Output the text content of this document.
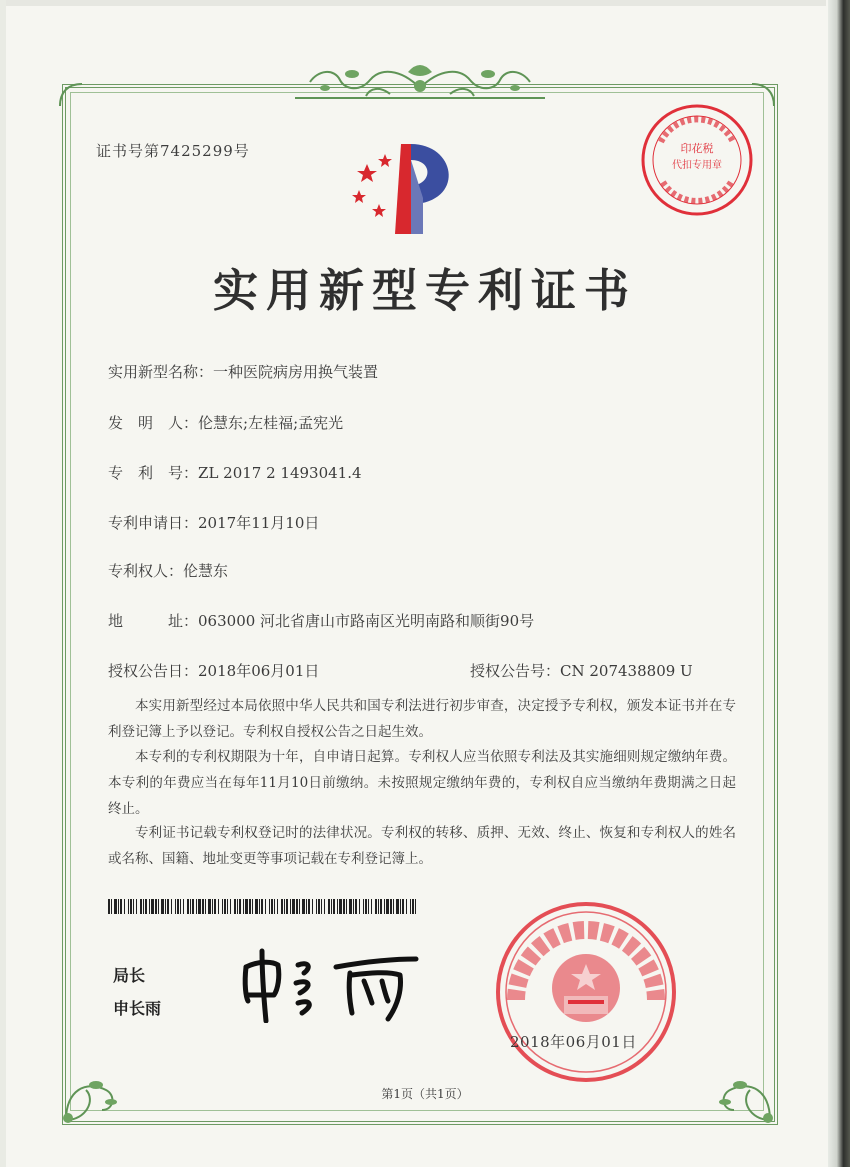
证书号第7425299号	印花税
代扣专用章
实用新型专利证书
实用新型名称：一种医院病房用换气装置
发　明　人：伦慧东;左桂福;孟宪光
专　利　号：ZL 2017 2 1493041.4
专利申请日：2017年11月10日
专利权人：伦慧东
地　　　址：063000 河北省唐山市路南区光明南路和顺街90号
授权公告日：2018年06月01日	授权公告号：CN 207438809 U
本实用新型经过本局依照中华人民共和国专利法进行初步审查，决定授予专利权，颁发本证书并在专利登记簿上予以登记。专利权自授权公告之日起生效。
本专利的专利权期限为十年，自申请日起算。专利权人应当依照专利法及其实施细则规定缴纳年费。本专利的年费应当在每年11月10日前缴纳。未按照规定缴纳年费的，专利权自应当缴纳年费期满之日起终止。
专利证书记载专利权登记时的法律状况。专利权的转移、质押、无效、终止、恢复和专利权人的姓名或名称、国籍、地址变更等事项记载在专利登记簿上。
局长
申长雨
2018年06月01日
第1页（共1页）
